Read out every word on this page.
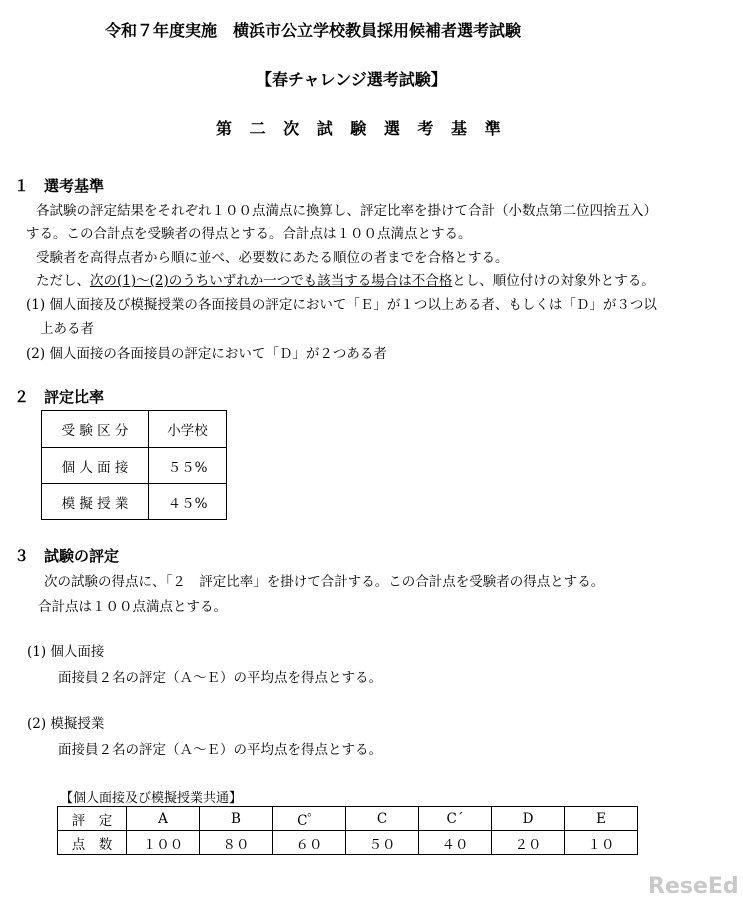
令和７年度実施　横浜市公立学校教員採用候補者選考試験
【春チャレンジ選考試験】
第 二 次 試 験 選 考 基 準
１　選考基準
各試験の評定結果をそれぞれ１００点満点に換算し、評定比率を掛けて合計（小数点第二位四捨五入）
する。この合計点を受験者の得点とする。合計点は１００点満点とする。
受験者を高得点者から順に並べ、必要数にあたる順位の者までを合格とする。
ただし、次の(1)～(2)のうちいずれか一つでも該当する場合は不合格とし、順位付けの対象外とする。
(1) 個人面接及び模擬授業の各面接員の評定において「Ｅ」が１つ以上ある者、もしくは「Ｄ」が３つ以
上ある者
(2) 個人面接の各面接員の評定において「Ｄ」が２つある者
２　評定比率
受 験 区 分	小学校
個 人 面 接	５５%
模 擬 授 業	４５%
３　試験の評定
次の試験の得点に、「２　評定比率」を掛けて合計する。この合計点を受験者の得点とする。
合計点は１００点満点とする。
(1) 個人面接
面接員２名の評定（Ａ～Ｅ）の平均点を得点とする。
(2) 模擬授業
面接員２名の評定（Ａ～Ｅ）の平均点を得点とする。
【個人面接及び模擬授業共通】
評　定	A	B	C゜	C	C´	D	E
点　数	１００	８０	６０	５０	４０	２０	１０
ReseEd
